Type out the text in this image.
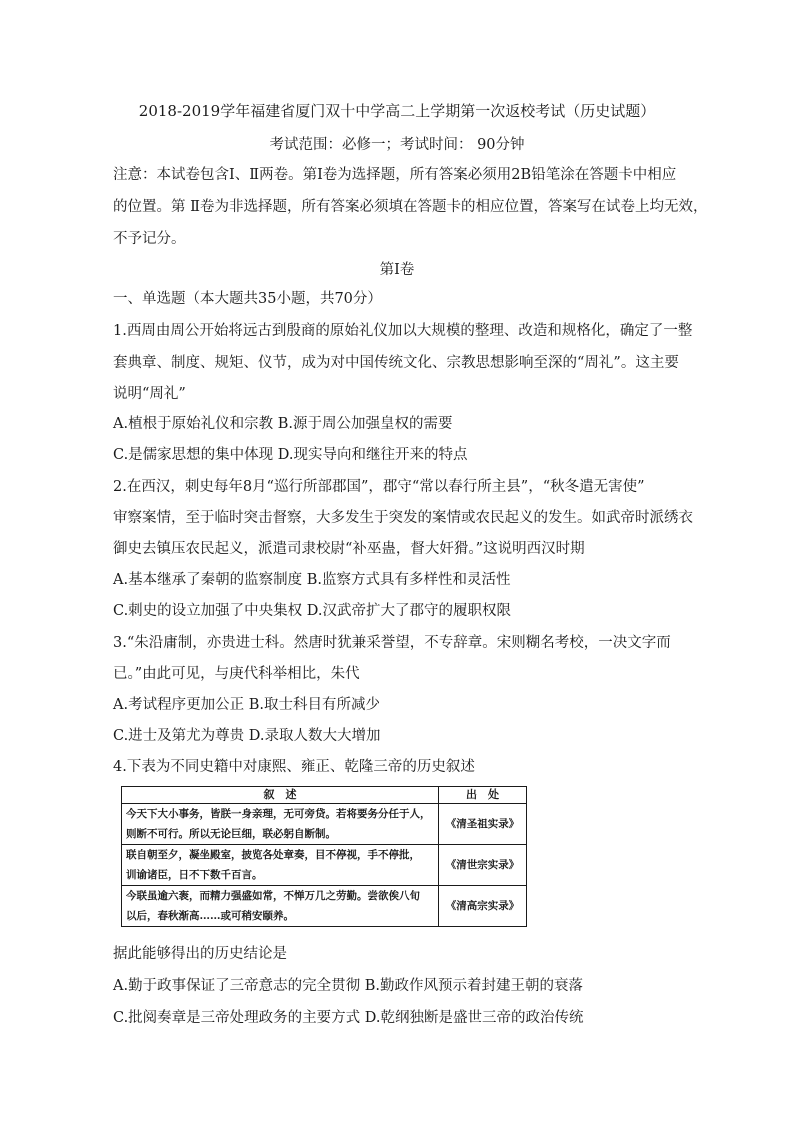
2018-2019学年福建省厦门双十中学高二上学期第一次返校考试（历史试题）
考试范围：必修一；考试时间： 90分钟
注意：本试卷包含Ⅰ、Ⅱ两卷。第Ⅰ卷为选择题，所有答案必须用2B铅笔涂在答题卡中相应
的位置。第 Ⅱ卷为非选择题，所有答案必须填在答题卡的相应位置，答案写在试卷上均无效，
不予记分。
第Ⅰ卷
一、单选题（本大题共35小题，共70分）
1.西周由周公开始将远古到殷商的原始礼仪加以大规模的整理、改造和规格化，确定了一整
套典章、制度、规矩、仪节，成为对中国传统文化、宗教思想影响至深的“周礼”。这主要
说明“周礼”
A.植根于原始礼仪和宗教 B.源于周公加强皇权的需要
C.是儒家思想的集中体现 D.现实导向和继往开来的特点
2.在西汉，刺史每年8月“巡行所部郡国”，郡守“常以春行所主县”，“秋冬遣无害使”
审察案情，至于临时突击督察，大多发生于突发的案情或农民起义的发生。如武帝时派绣衣
御史去镇压农民起义，派遣司隶校尉“补巫蛊，督大奸猾。”这说明西汉时期
A.基本继承了秦朝的监察制度 B.监察方式具有多样性和灵活性
C.刺史的设立加强了中央集权 D.汉武帝扩大了郡守的履职权限
3.“朱沿庸制，亦贵进士科。然唐时犹兼采誉望，不专辞章。宋则糊名考校，一决文字而
已。”由此可见，与庚代科举相比，朱代
A.考试程序更加公正 B.取士科目有所减少
C.进士及第尤为尊贵 D.录取人数大大增加
4.下表为不同史籍中对康熙、雍正、乾隆三帝的历史叙述
叙　述	出　处
今天下大小事务，皆朕一身亲理，无可旁贷。若将要务分任于人，
则断不可行。所以无论巨细，联必躬自断制。	《清圣祖实录》
联自朝至夕，凝坐殿室，披览各处章奏，目不停视，手不停批，
训谕诸臣，日不下数千百言。	《清世宗实录》
今联虽逾六袠，而精力强盛如常，不惮万几之劳勤。尝欲俟八旬
以后，春秋渐高……或可稍安颐养。	《清高宗实录》
据此能够得出的历史结论是
A.勤于政事保证了三帝意志的完全贯彻 B.勤政作风预示着封建王朝的衰落
C.批阅奏章是三帝处理政务的主要方式 D.乾纲独断是盛世三帝的政治传统
